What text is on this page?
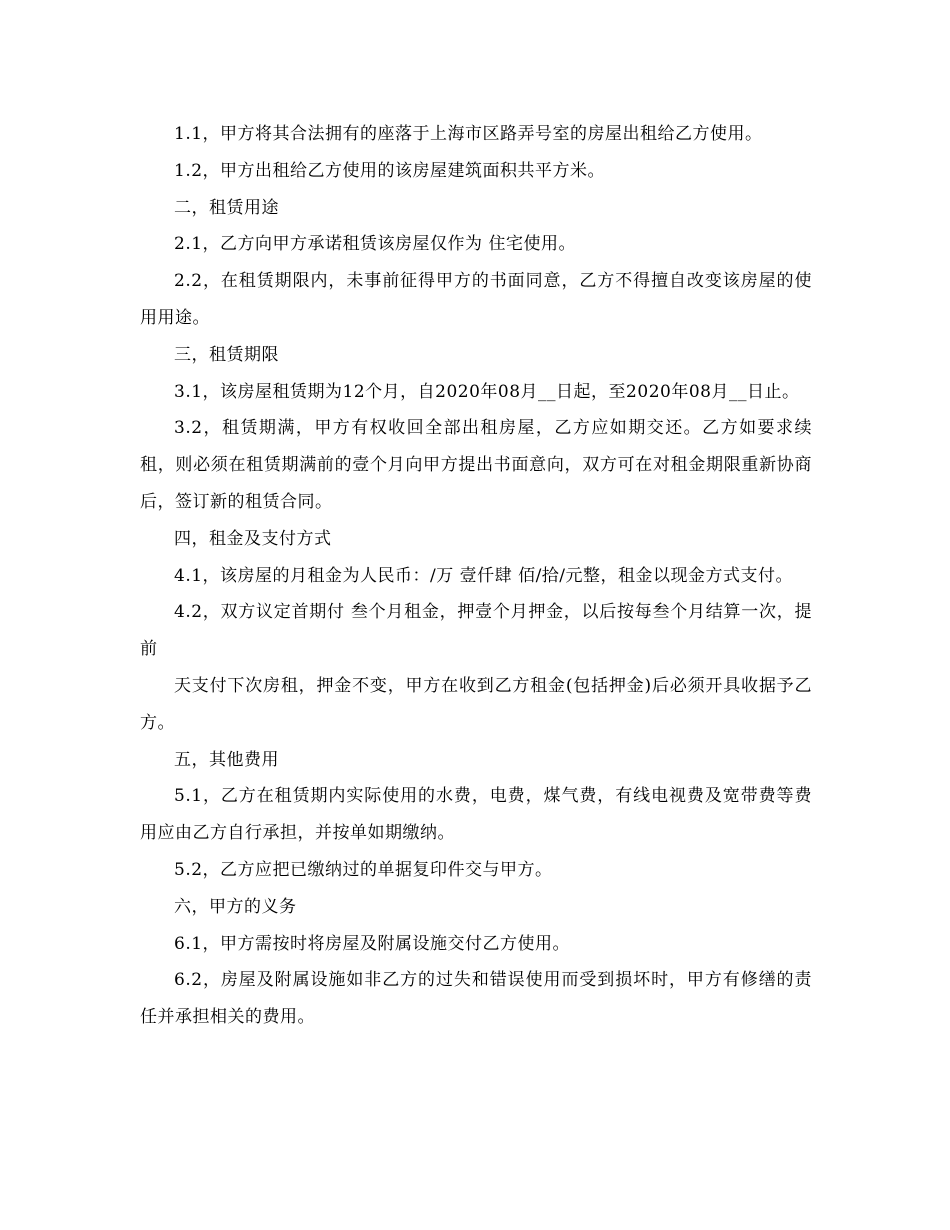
1.1，甲方将其合法拥有的座落于上海市区路弄号室的房屋出租给乙方使用。

1.2，甲方出租给乙方使用的该房屋建筑面积共平方米。

二，租赁用途

2.1，乙方向甲方承诺租赁该房屋仅作为 住宅使用。

2.2，在租赁期限内，未事前征得甲方的书面同意，乙方不得擅自改变该房屋的使用用途。

三，租赁期限

3.1，该房屋租赁期为12个月，自2020年08月__日起，至2020年08月__日止。

3.2，租赁期满，甲方有权收回全部出租房屋，乙方应如期交还。乙方如要求续租，则必须在租赁期满前的壹个月向甲方提出书面意向，双方可在对租金期限重新协商后，签订新的租赁合同。

四，租金及支付方式

4.1，该房屋的月租金为人民币：/万 壹仟肆 佰/拾/元整，租金以现金方式支付。

4.2，双方议定首期付 叁个月租金，押壹个月押金，以后按每叁个月结算一次，提前

天支付下次房租，押金不变，甲方在收到乙方租金(包括押金)后必须开具收据予乙方。

五，其他费用

5.1，乙方在租赁期内实际使用的水费，电费，煤气费，有线电视费及宽带费等费用应由乙方自行承担，并按单如期缴纳。

5.2，乙方应把已缴纳过的单据复印件交与甲方。

六，甲方的义务

6.1，甲方需按时将房屋及附属设施交付乙方使用。

6.2，房屋及附属设施如非乙方的过失和错误使用而受到损坏时，甲方有修缮的责任并承担相关的费用。
